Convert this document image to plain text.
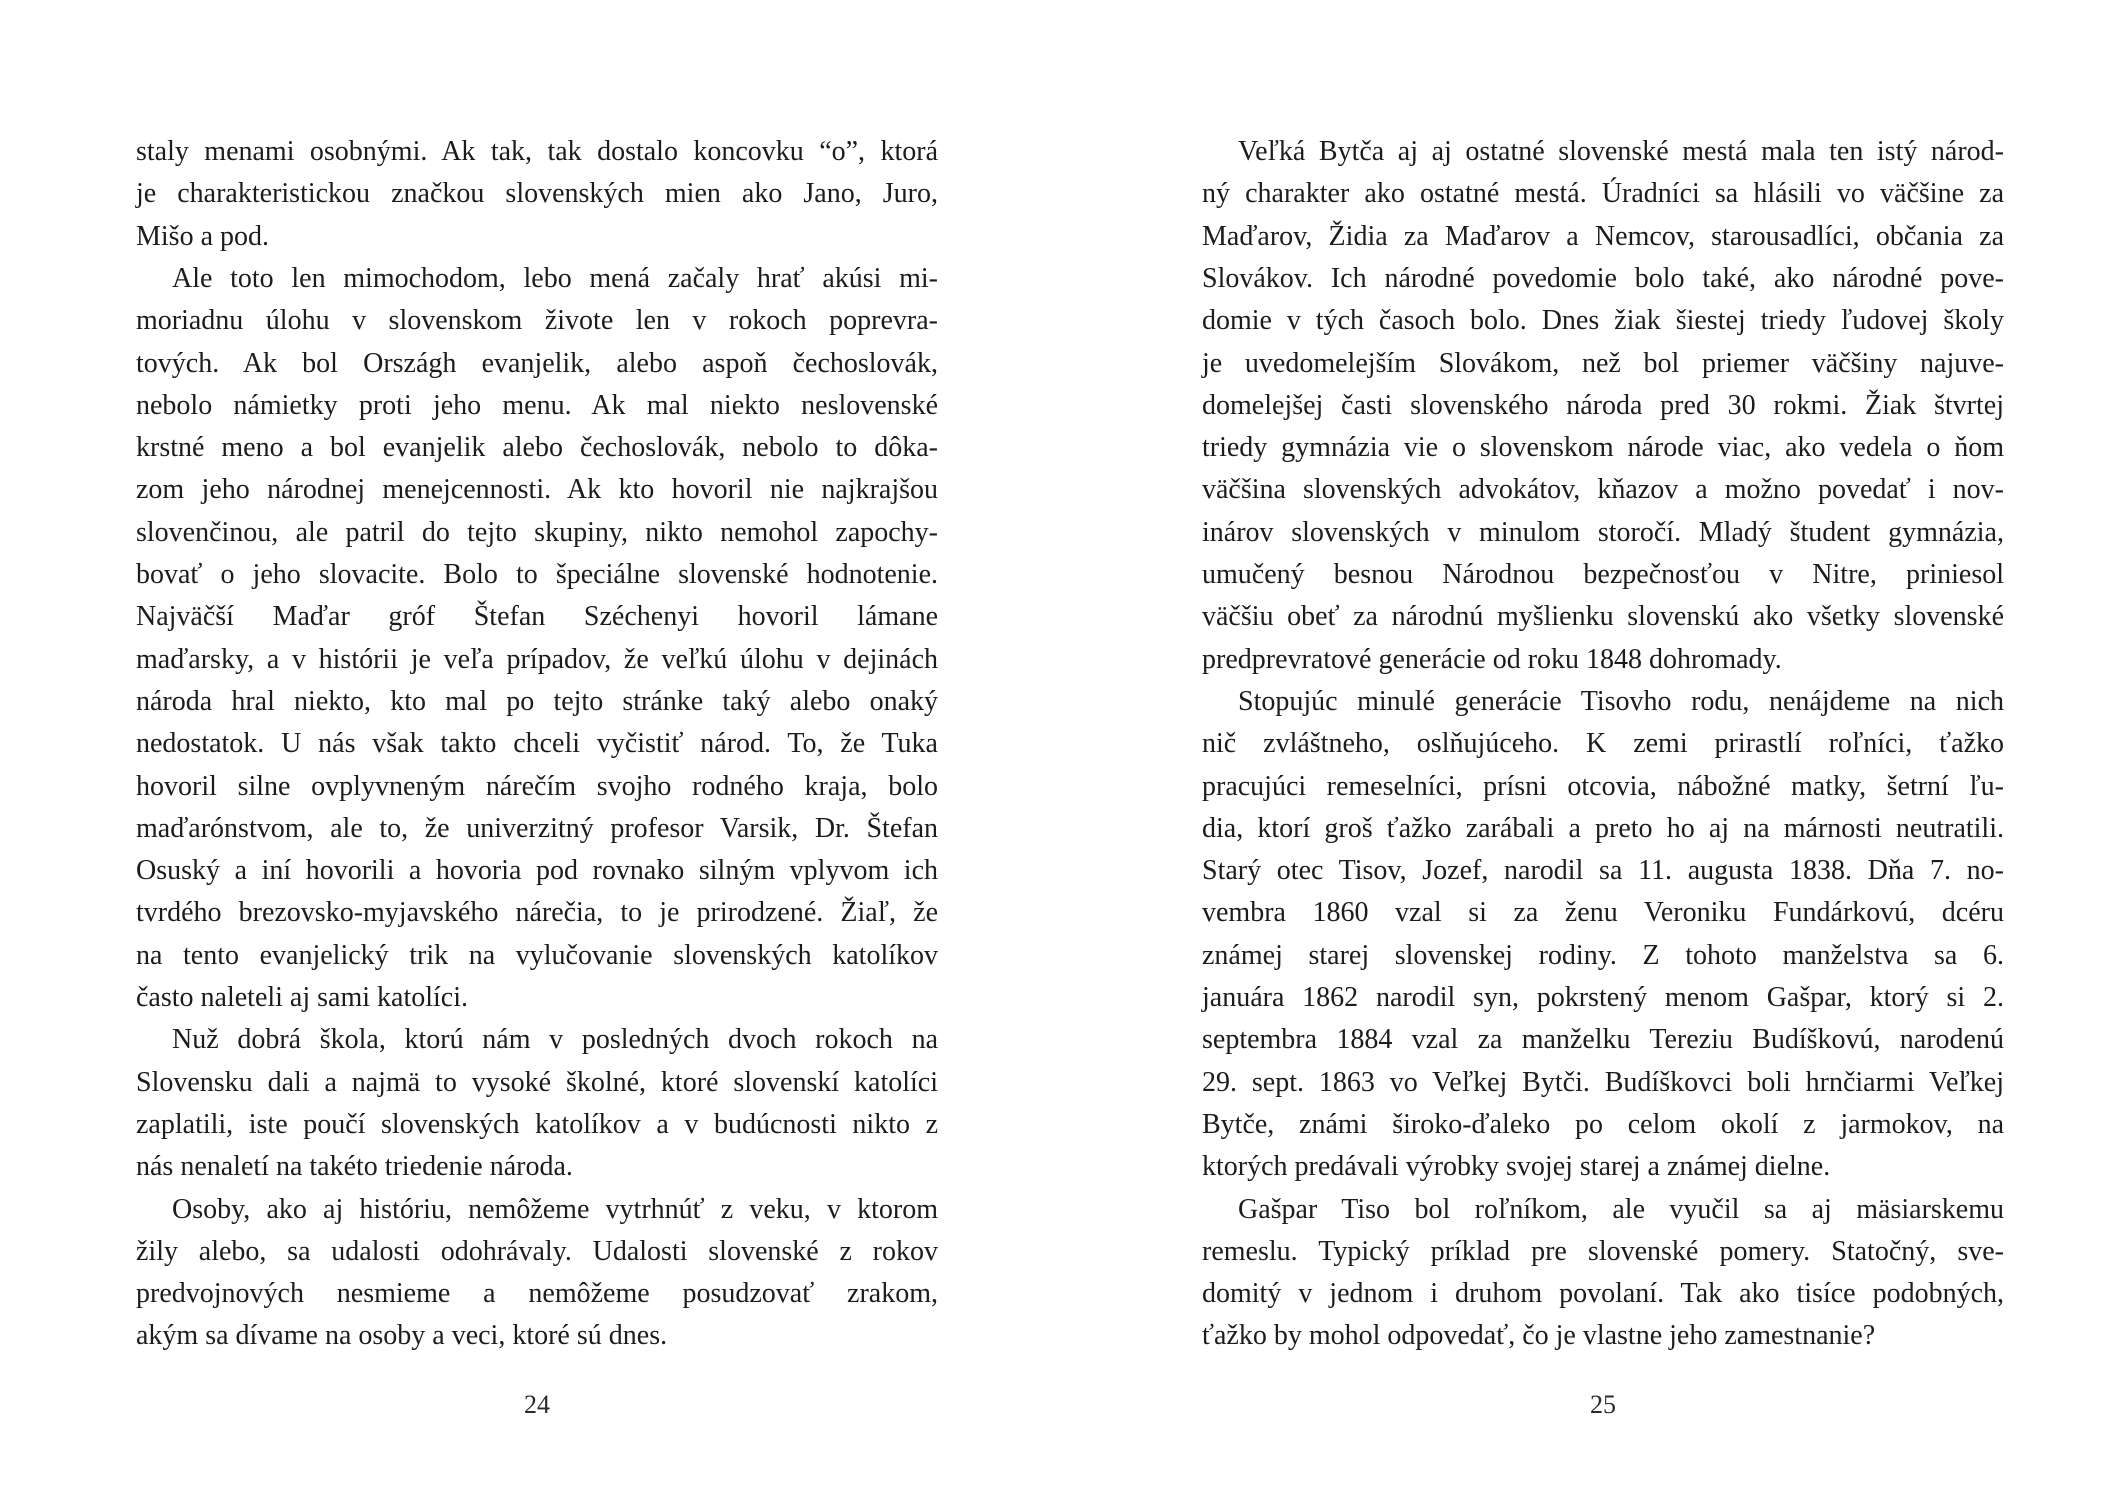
staly menami osobnými. Ak tak, tak dostalo koncovku “o”, ktorá
je charakteristickou značkou slovenských mien ako Jano, Juro,
Mišo a pod.
Ale toto len mimochodom, lebo mená začaly hrať akúsi mi-
moriadnu úlohu v slovenskom živote len v rokoch poprevra-
tových. Ak bol Országh evanjelik, alebo aspoň čechoslovák,
nebolo námietky proti jeho menu. Ak mal niekto neslovenské
krstné meno a bol evanjelik alebo čechoslovák, nebolo to dôka-
zom jeho národnej menejcennosti. Ak kto hovoril nie najkrajšou
slovenčinou, ale patril do tejto skupiny, nikto nemohol zapochy-
bovať o jeho slovacite. Bolo to špeciálne slovenské hodnotenie.
Najväčší Maďar gróf Štefan Széchenyi hovoril lámane
maďarsky, a v histórii je veľa prípadov, že veľkú úlohu v dejinách
národa hral niekto, kto mal po tejto stránke taký alebo onaký
nedostatok. U nás však takto chceli vyčistiť národ. To, že Tuka
hovoril silne ovplyvneným nárečím svojho rodného kraja, bolo
maďarónstvom, ale to, že univerzitný profesor Varsik, Dr. Štefan
Osuský a iní hovorili a hovoria pod rovnako silným vplyvom ich
tvrdého brezovsko-myjavského nárečia, to je prirodzené. Žiaľ, že
na tento evanjelický trik na vylučovanie slovenských katolíkov
často naleteli aj sami katolíci.
Nuž dobrá škola, ktorú nám v posledných dvoch rokoch na
Slovensku dali a najmä to vysoké školné, ktoré slovenskí katolíci
zaplatili, iste poučí slovenských katolíkov a v budúcnosti nikto z
nás nenaletí na takéto triedenie národa.
Osoby, ako aj históriu, nemôžeme vytrhnúť z veku, v ktorom
žily alebo, sa udalosti odohrávaly. Udalosti slovenské z rokov
predvojnových nesmieme a nemôžeme posudzovať zrakom,
akým sa dívame na osoby a veci, ktoré sú dnes.
24
Veľká Bytča aj aj ostatné slovenské mestá mala ten istý národ-
ný charakter ako ostatné mestá. Úradníci sa hlásili vo väčšine za
Maďarov, Židia za Maďarov a Nemcov, starousadlíci, občania za
Slovákov. Ich národné povedomie bolo také, ako národné pove-
domie v tých časoch bolo. Dnes žiak šiestej triedy ľudovej školy
je uvedomelejším Slovákom, než bol priemer väčšiny najuve-
domelejšej časti slovenského národa pred 30 rokmi. Žiak štvrtej
triedy gymnázia vie o slovenskom národe viac, ako vedela o ňom
väčšina slovenských advokátov, kňazov a možno povedať i nov-
inárov slovenských v minulom storočí. Mladý študent gymnázia,
umučený besnou Národnou bezpečnosťou v Nitre, priniesol
väčšiu obeť za národnú myšlienku slovenskú ako všetky slovenské
predprevratové generácie od roku 1848 dohromady.
Stopujúc minulé generácie Tisovho rodu, nenájdeme na nich
nič zvláštneho, oslňujúceho. K zemi prirastlí roľníci, ťažko
pracujúci remeselníci, prísni otcovia, nábožné matky, šetrní ľu-
dia, ktorí groš ťažko zarábali a preto ho aj na márnosti neutratili.
Starý otec Tisov, Jozef, narodil sa 11. augusta 1838. Dňa 7. no-
vembra 1860 vzal si za ženu Veroniku Fundárkovú, dcéru
známej starej slovenskej rodiny. Z tohoto manželstva sa 6.
januára 1862 narodil syn, pokrstený menom Gašpar, ktorý si 2.
septembra 1884 vzal za manželku Tereziu Budíškovú, narodenú
29. sept. 1863 vo Veľkej Bytči. Budíškovci boli hrnčiarmi Veľkej
Bytče, známi široko-ďaleko po celom okolí z jarmokov, na
ktorých predávali výrobky svojej starej a známej dielne.
Gašpar Tiso bol roľníkom, ale vyučil sa aj mäsiarskemu
remeslu. Typický príklad pre slovenské pomery. Statočný, sve-
domitý v jednom i druhom povolaní. Tak ako tisíce podobných,
ťažko by mohol odpovedať, čo je vlastne jeho zamestnanie?
25
